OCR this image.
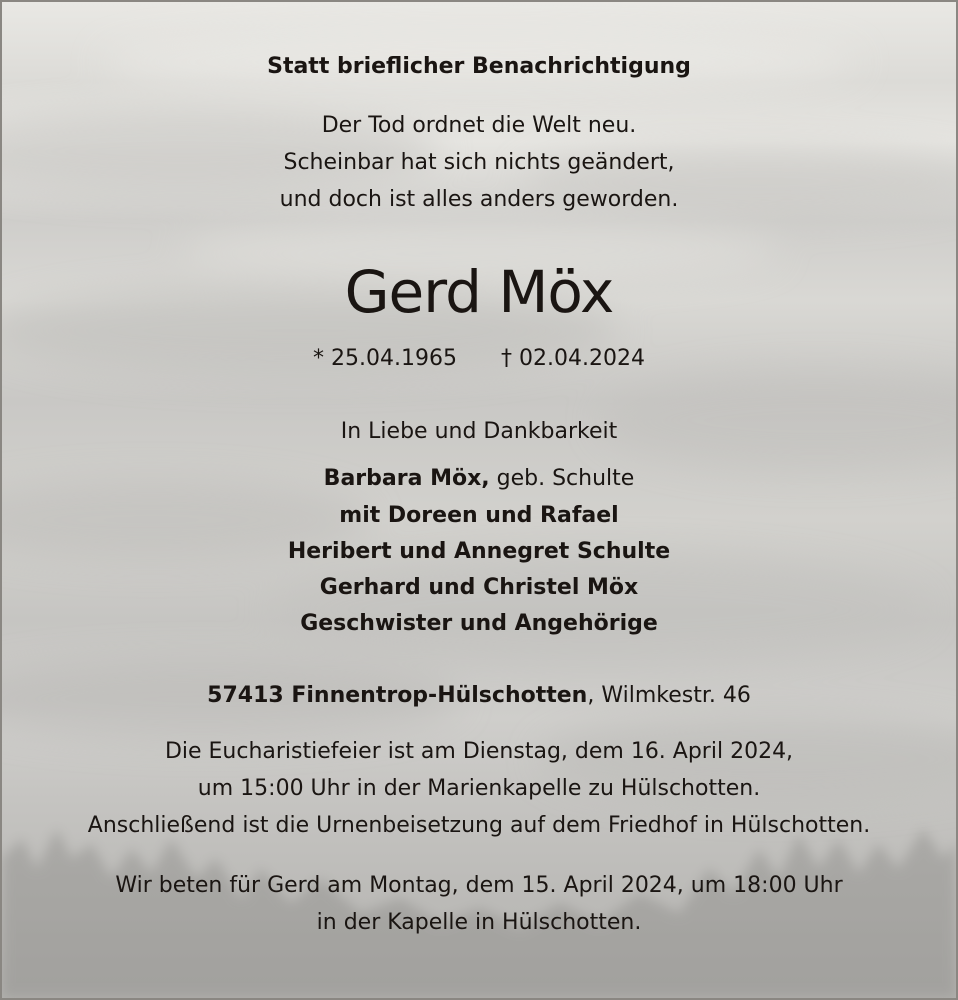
Statt brieflicher Benachrichtigung
Der Tod ordnet die Welt neu.
Scheinbar hat sich nichts geändert,
und doch ist alles anders geworden.
Gerd Möx
* 25.04.1965 † 02.04.2024
In Liebe und Dankbarkeit
Barbara Möx, geb. Schulte
mit Doreen und Rafael
Heribert und Annegret Schulte
Gerhard und Christel Möx
Geschwister und Angehörige
57413 Finnentrop-Hülschotten, Wilmkestr. 46
Die Eucharistiefeier ist am Dienstag, dem 16. April 2024,
um 15:00 Uhr in der Marienkapelle zu Hülschotten.
Anschließend ist die Urnenbeisetzung auf dem Friedhof in Hülschotten.
Wir beten für Gerd am Montag, dem 15. April 2024, um 18:00 Uhr
in der Kapelle in Hülschotten.
